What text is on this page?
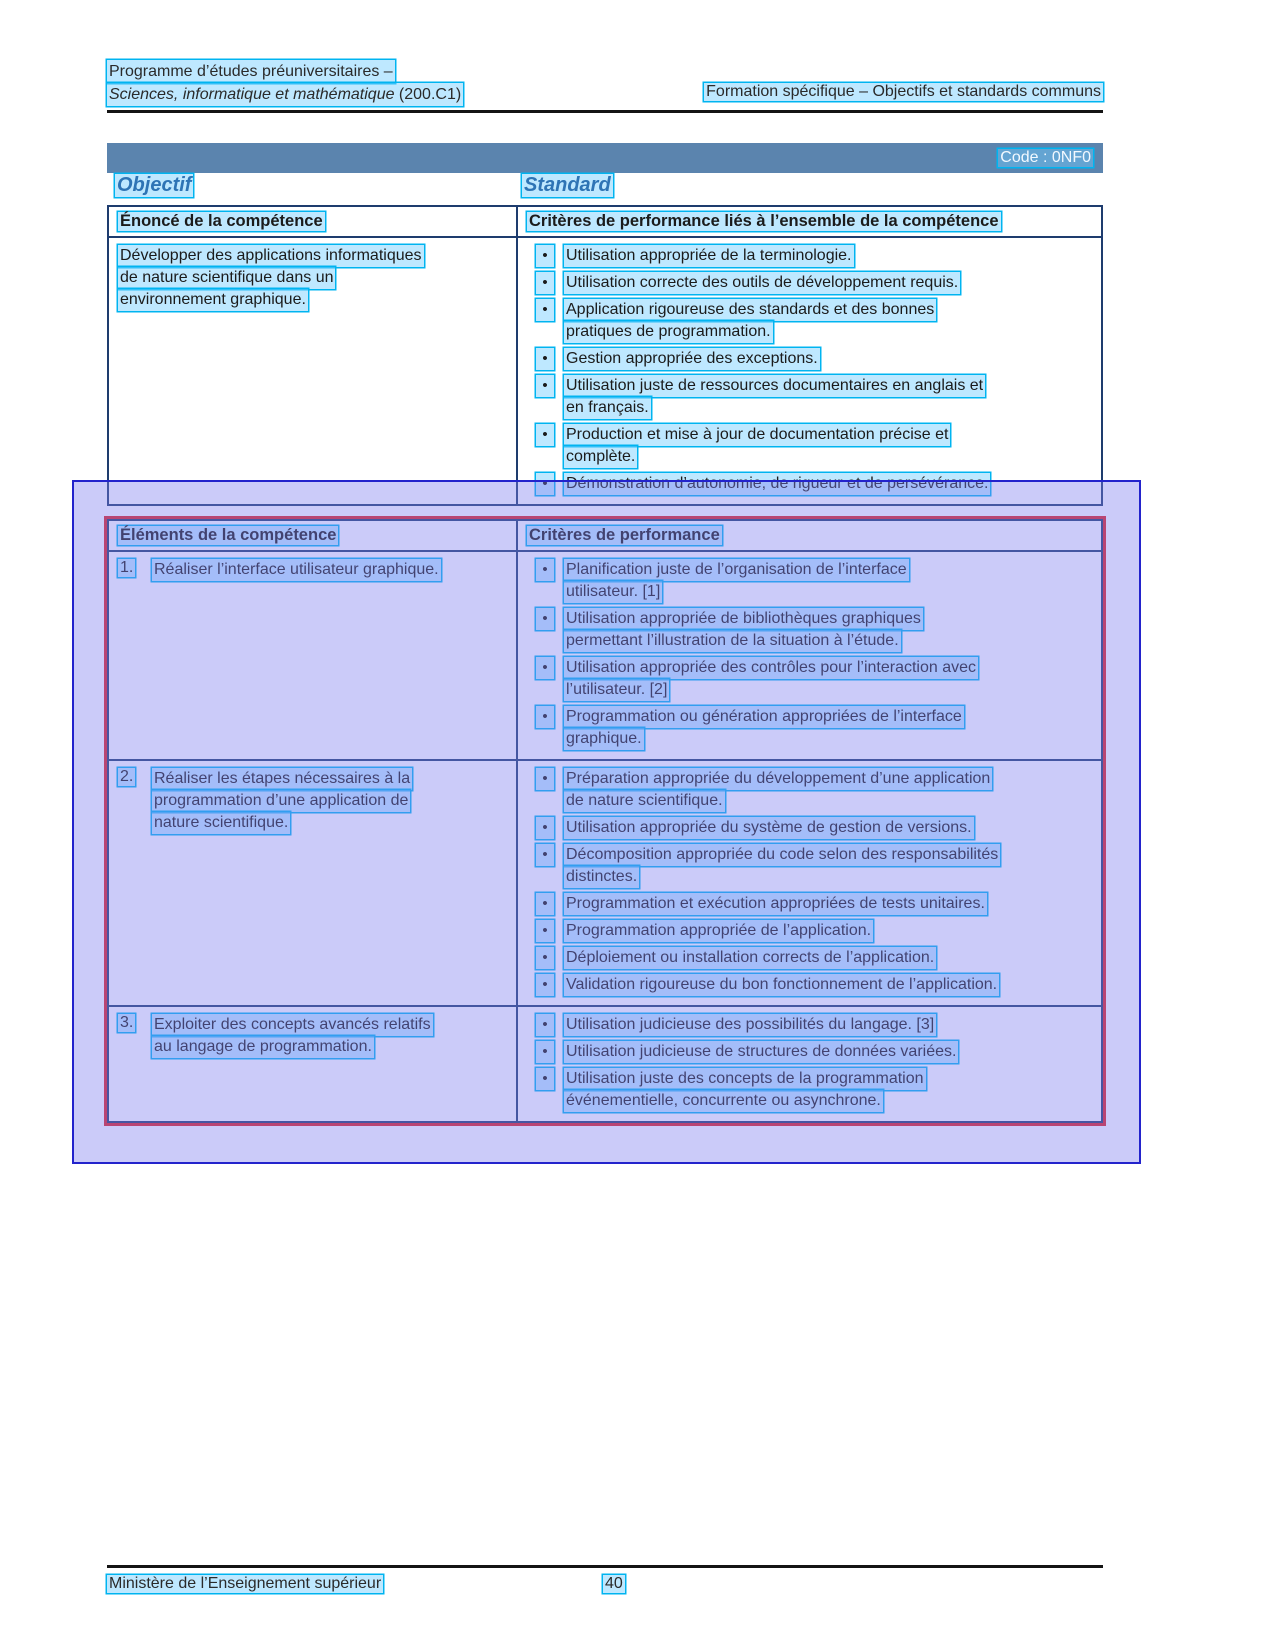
Programme d’études préuniversitaires –
Sciences, informatique et mathématique (200.C1)	Formation spécifique – Objectifs et standards communs
Code : 0NF0
Objectif	Standard
Énoncé de la compétence	Critères de performance liés à l’ensemble de la compétence
Développer des applications informatiques
de nature scientifique dans un
environnement graphique.
•	Utilisation appropriée de la terminologie.
•	Utilisation correcte des outils de développement requis.
•	Application rigoureuse des standards et des bonnes
pratiques de programmation.
•	Gestion appropriée des exceptions.
•	Utilisation juste de ressources documentaires en anglais et
en français.
•	Production et mise à jour de documentation précise et
complète.
•	Démonstration d’autonomie, de rigueur et de persévérance.
Éléments de la compétence	Critères de performance
1.	Réaliser l’interface utilisateur graphique.	•	Planification juste de l’organisation de l’interface
utilisateur. [1]
•	Utilisation appropriée de bibliothèques graphiques
permettant l’illustration de la situation à l’étude.
•	Utilisation appropriée des contrôles pour l’interaction avec
l’utilisateur. [2]
•	Programmation ou génération appropriées de l’interface
graphique.
2.	Réaliser les étapes nécessaires à la
programmation d’une application de
nature scientifique.
•	Préparation appropriée du développement d’une application
de nature scientifique.
•	Utilisation appropriée du système de gestion de versions.
•	Décomposition appropriée du code selon des responsabilités
distinctes.
•	Programmation et exécution appropriées de tests unitaires.
•	Programmation appropriée de l’application.
•	Déploiement ou installation corrects de l’application.
•	Validation rigoureuse du bon fonctionnement de l’application.
3.	Exploiter des concepts avancés relatifs
au langage de programmation.
•	Utilisation judicieuse des possibilités du langage. [3]
•	Utilisation judicieuse de structures de données variées.
•	Utilisation juste des concepts de la programmation
événementielle, concurrente ou asynchrone.
Ministère de l’Enseignement supérieur	40
